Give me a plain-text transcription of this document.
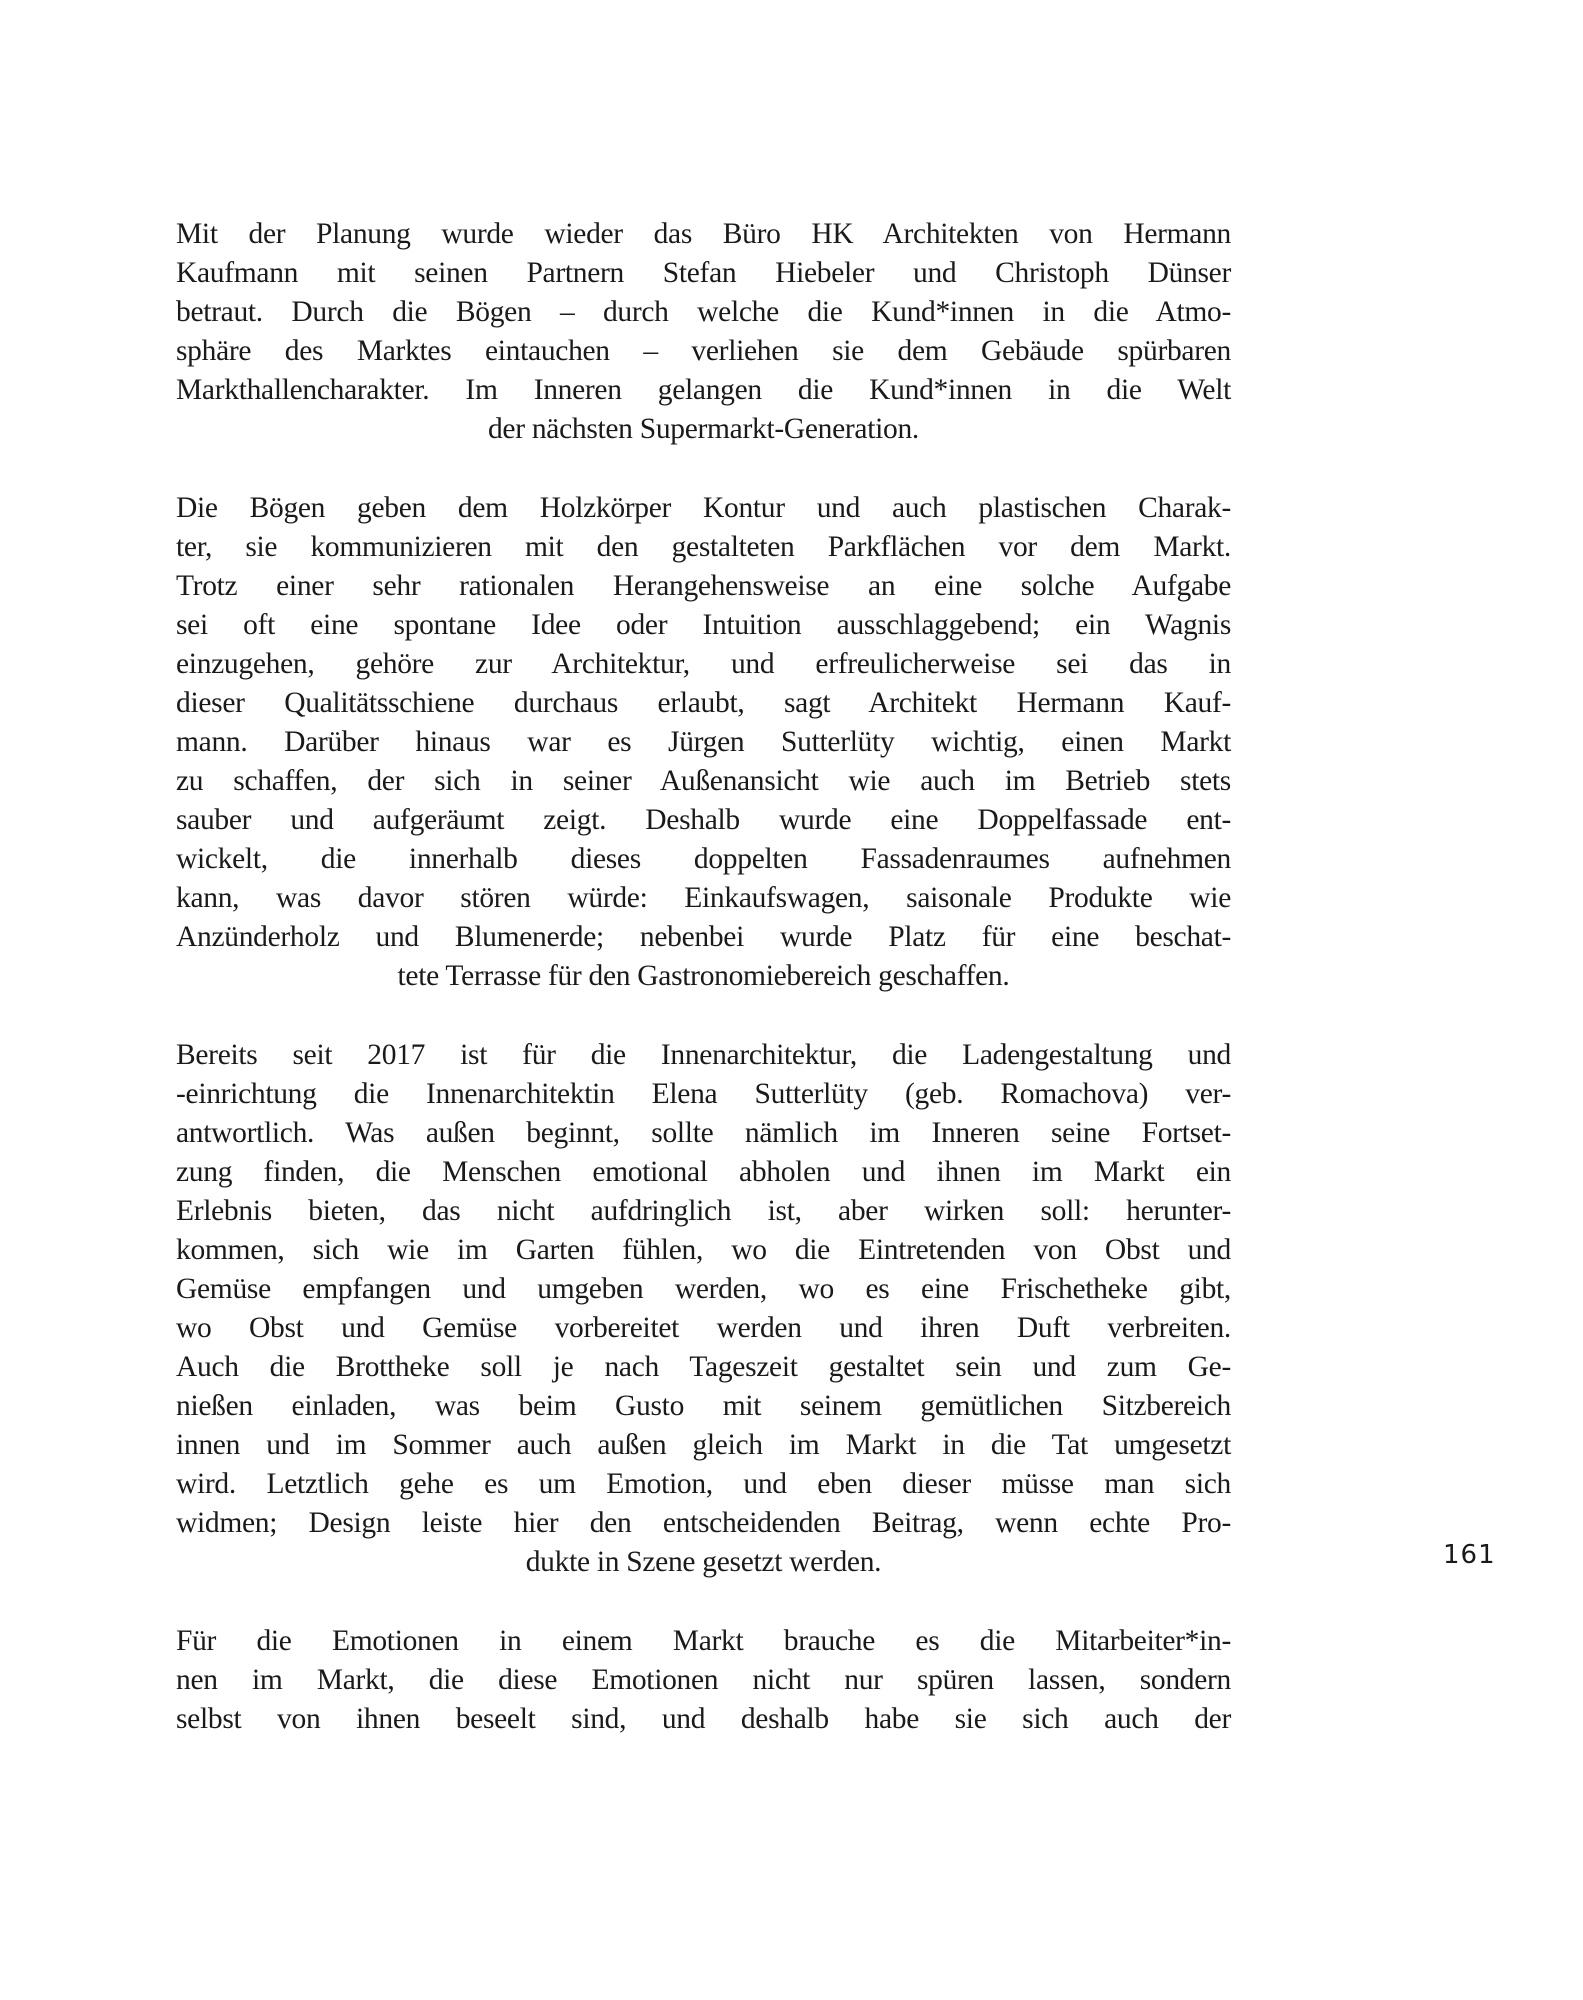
Mit der Planung wurde wieder das Büro HK Architekten von Hermann
Kaufmann mit seinen Partnern Stefan Hiebeler und Christoph Dünser
betraut. Durch die Bögen – durch welche die Kund*innen in die Atmo-
sphäre des Marktes eintauchen – verliehen sie dem Gebäude spürbaren
Markthallencharakter. Im Inneren gelangen die Kund*innen in die Welt
der nächsten Supermarkt-Generation.
Die Bögen geben dem Holzkörper Kontur und auch plastischen Charak-
ter, sie kommunizieren mit den gestalteten Parkflächen vor dem Markt.
Trotz einer sehr rationalen Herangehensweise an eine solche Aufgabe
sei oft eine spontane Idee oder Intuition ausschlaggebend; ein Wagnis
einzugehen, gehöre zur Architektur, und erfreulicherweise sei das in
dieser Qualitätsschiene durchaus erlaubt, sagt Architekt Hermann Kauf-
mann. Darüber hinaus war es Jürgen Sutterlüty wichtig, einen Markt
zu schaffen, der sich in seiner Außenansicht wie auch im Betrieb stets
sauber und aufgeräumt zeigt. Deshalb wurde eine Doppelfassade ent-
wickelt, die innerhalb dieses doppelten Fassadenraumes aufnehmen
kann, was davor stören würde: Einkaufswagen, saisonale Produkte wie
Anzünderholz und Blumenerde; nebenbei wurde Platz für eine beschat-
tete Terrasse für den Gastronomiebereich geschaffen.
Bereits seit 2017 ist für die Innenarchitektur, die Ladengestaltung und
-einrichtung die Innenarchitektin Elena Sutterlüty (geb. Romachova) ver-
antwortlich. Was außen beginnt, sollte nämlich im Inneren seine Fortset-
zung finden, die Menschen emotional abholen und ihnen im Markt ein
Erlebnis bieten, das nicht aufdringlich ist, aber wirken soll: herunter-
kommen, sich wie im Garten fühlen, wo die Eintretenden von Obst und
Gemüse empfangen und umgeben werden, wo es eine Frischetheke gibt,
wo Obst und Gemüse vorbereitet werden und ihren Duft verbreiten.
Auch die Brottheke soll je nach Tageszeit gestaltet sein und zum Ge-
nießen einladen, was beim Gusto mit seinem gemütlichen Sitzbereich
innen und im Sommer auch außen gleich im Markt in die Tat umgesetzt
wird. Letztlich gehe es um Emotion, und eben dieser müsse man sich
widmen; Design leiste hier den entscheidenden Beitrag, wenn echte Pro-
dukte in Szene gesetzt werden.
Für die Emotionen in einem Markt brauche es die Mitarbeiter*in-
nen im Markt, die diese Emotionen nicht nur spüren lassen, sondern
selbst von ihnen beseelt sind, und deshalb habe sie sich auch der
161
